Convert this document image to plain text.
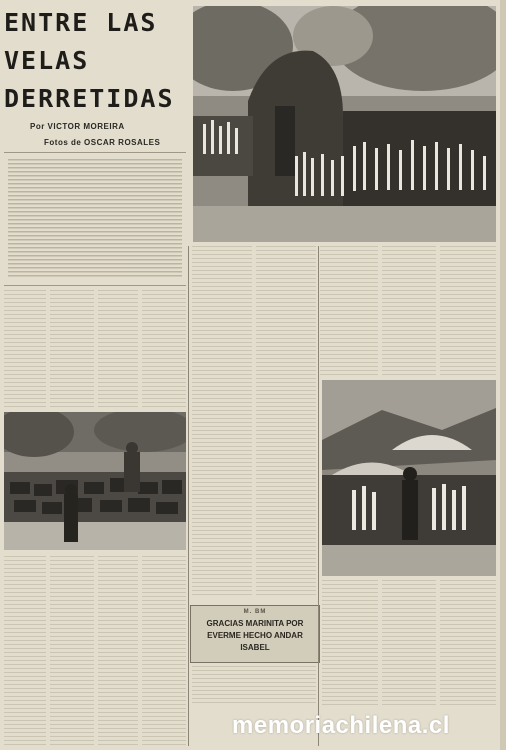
ENTRE LAS
VELAS
DERRETIDAS
Por VICTOR MOREIRA
Fotos de OSCAR ROSALES
M. BM
GRACIAS MARINITA POR
EVERME HECHO ANDAR
ISABEL
memoriachilena.cl
